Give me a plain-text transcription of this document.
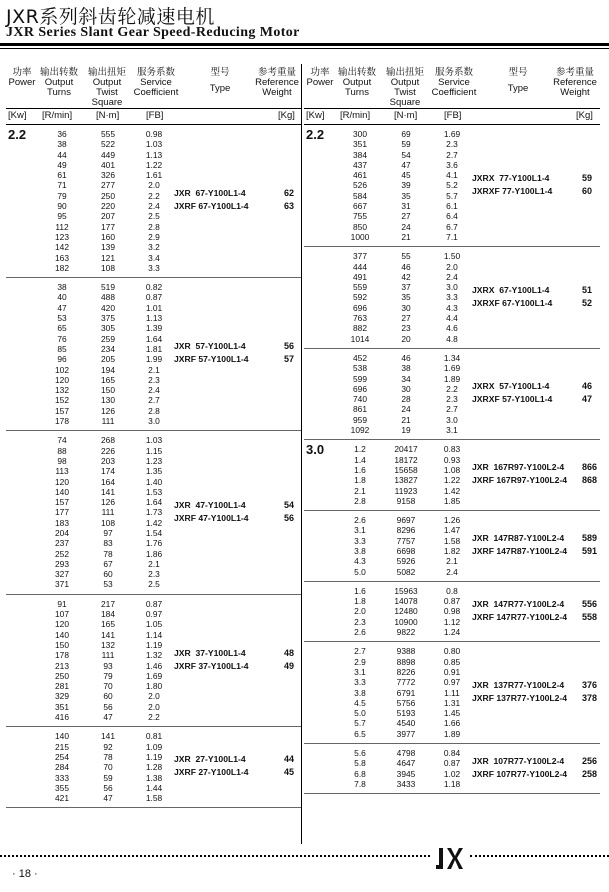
JXR系列斜齿轮减速电机
JXR Series Slant Gear Speed-Reducing Motor
功率
Power
输出转数
Output
Turns
输出扭矩
Output
Twist
Square
服务系数
Service
Coefficient
型号
Type
参考重量
Reference
Weight
[Kw] [R/min]	[N·m]	[FB]	[Kg]
2.2	36	555	0.98
38	522	1.03
44	449	1.13
49	401	1.22
61	326	1.61
71	277	2.0
79	250	2.2
90	220	2.4
95	207	2.5
112	177	2.8
123	160	2.9
142	139	3.2
163	121	3.4
182	108	3.3
JXR  67-Y100L1-4	62
JXRF 67-Y100L1-4	63
38	519	0.82
40	488	0.87
47	420	1.01
53	375	1.13
65	305	1.39
76	259	1.64
85	234	1.81
96	205	1.99
102	194	2.1
120	165	2.3
132	150	2.4
152	130	2.7
157	126	2.8
178	111	3.0
JXR  57-Y100L1-4	56
JXRF 57-Y100L1-4	57
74	268	1.03
88	226	1.15
98	203	1.23
113	174	1.35
120	164	1.40
140	141	1.53
157	126	1.64
177	111	1.73
183	108	1.42
204	97	1.54
237	83	1.76
252	78	1.86
293	67	2.1
327	60	2.3
371	53	2.5
JXR  47-Y100L1-4	54
JXRF 47-Y100L1-4	56
91	217	0.87
107	184	0.97
120	165	1.05
140	141	1.14
150	132	1.19
178	111	1.32
213	93	1.46
250	79	1.69
281	70	1.80
329	60	2.0
351	56	2.0
416	47	2.2
JXR  37-Y100L1-4	48
JXRF 37-Y100L1-4	49
140	141	0.81
215	92	1.09
254	78	1.19
284	70	1.28
333	59	1.38
355	56	1.44
421	47	1.58
JXR  27-Y100L1-4	44
JXRF 27-Y100L1-4	45
功率
Power
输出转数
Output
Turns
输出扭矩
Output
Twist
Square
服务系数
Service
Coefficient
型号
Type
参考重量
Reference
Weight
[Kw] [R/min]	[N·m]	[FB]	[Kg]
2.2	300	69	1.69
351	59	2.3
384	54	2.7
437	47	3.6
461	45	4.1
526	39	5.2
584	35	5.7
667	31	6.1
755	27	6.4
850	24	6.7
1000	21	7.1
JXRX  77-Y100L1-4	59
JXRXF 77-Y100L1-4	60
377	55	1.50
444	46	2.0
491	42	2.4
559	37	3.0
592	35	3.3
696	30	4.3
763	27	4.4
882	23	4.6
1014	20	4.8
JXRX  67-Y100L1-4	51
JXRXF 67-Y100L1-4	52
452	46	1.34
538	38	1.69
599	34	1.89
696	30	2.2
740	28	2.3
861	24	2.7
959	21	3.0
1092	19	3.1
JXRX  57-Y100L1-4	46
JXRXF 57-Y100L1-4	47
3.0	1.2	20417	0.83
1.4	18172	0.93
1.6	15658	1.08
1.8	13827	1.22
2.1	11923	1.42
2.8	9158	1.85
JXR  167R97-Y100L2-4 866
JXRF 167R97-Y100L2-4 868
2.6	9697	1.26
3.1	8296	1.47
3.3	7757	1.58
3.8	6698	1.82
4.3	5926	2.1
5.0	5082	2.4
JXR  147R87-Y100L2-4 589
JXRF 147R87-Y100L2-4 591
1.6	15963	0.8
1.8	14078	0.87
2.0	12480	0.98
2.3	10900	1.12
2.6	9822	1.24
JXR  147R77-Y100L2-4 556
JXRF 147R77-Y100L2-4 558
2.7	9388	0.80
2.9	8898	0.85
3.1	8226	0.91
3.3	7772	0.97
3.8	6791	1.11
4.5	5756	1.31
5.0	5193	1.45
5.7	4540	1.66
6.5	3977	1.89
JXR  137R77-Y100L2-4 376
JXRF 137R77-Y100L2-4 378
5.6	4798	0.84
5.8	4647	0.87
6.8	3945	1.02
7.8	3433	1.18
JXR  107R77-Y100L2-4 256
JXRF 107R77-Y100L2-4 258
· 18 ·
